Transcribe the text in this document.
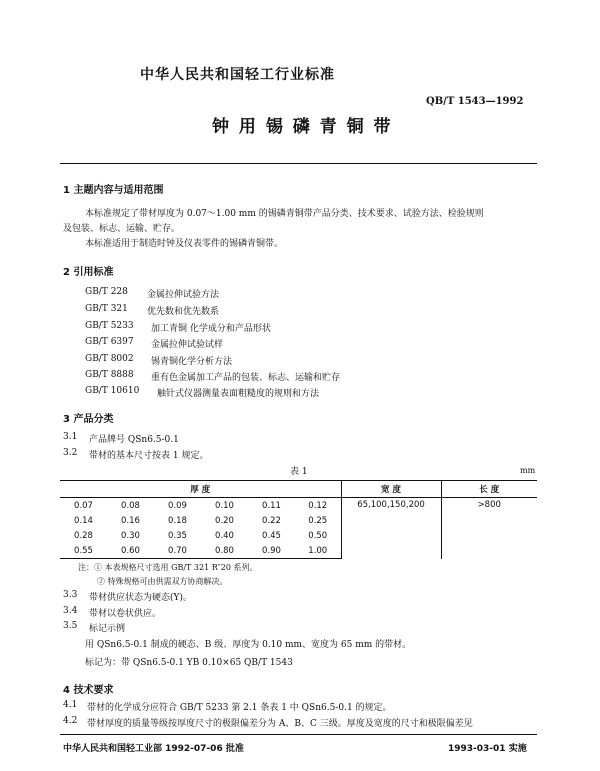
中华人民共和国轻工行业标准
QB/T 1543—1992
钟 用 锡 磷 青 铜 带
1 主题内容与适用范围
本标准规定了带材厚度为 0.07～1.00 mm 的锡磷青铜带产品分类、技术要求、试验方法、检验规则
及包装、标志、运输、贮存。
本标准适用于制造时钟及仪表零件的锡磷青铜带。
2 引用标准
GB/T 228 金属拉伸试验方法
GB/T 321 优先数和优先数系
GB/T 5233 加工青铜 化学成分和产品形状
GB/T 6397 金属拉伸试验试样
GB/T 8002 锡青铜化学分析方法
GB/T 8888 重有色金属加工产品的包装、标志、运输和贮存
GB/T 10610 触针式仪器测量表面粗糙度的规则和方法
3 产品分类
3.1 产品牌号 QSn6.5-0.1
3.2 带材的基本尺寸按表 1 规定。
表 1	mm
厚 度						宽 度	长 度
0.07	0.08	0.09	0.10	0.11	0.12	65,100,150,200	>800
0.14	0.16	0.18	0.20	0.22	0.25		
0.28	0.30	0.35	0.40	0.45	0.50		
0.55	0.60	0.70	0.80	0.90	1.00		
注：① 本表规格尺寸选用 GB/T 321 R″20 系列。
② 特殊规格可由供需双方协商解决。
3.3 带材供应状态为硬态(Y)。
3.4 带材以卷状供应。
3.5 标记示例
用 QSn6.5-0.1 制成的硬态、B 级、厚度为 0.10 mm、宽度为 65 mm 的带材。
标记为：带 QSn6.5-0.1 YB 0.10×65 QB/T 1543
4 技术要求
4.1 带材的化学成分应符合 GB/T 5233 第 2.1 条表 1 中 QSn6.5-0.1 的规定。
4.2 带材厚度的质量等级按厚度尺寸的极限偏差分为 A、B、C 三级。厚度及宽度的尺寸和极限偏差见
中华人民共和国轻工业部 1992-07-06 批准	1993-03-01 实施
